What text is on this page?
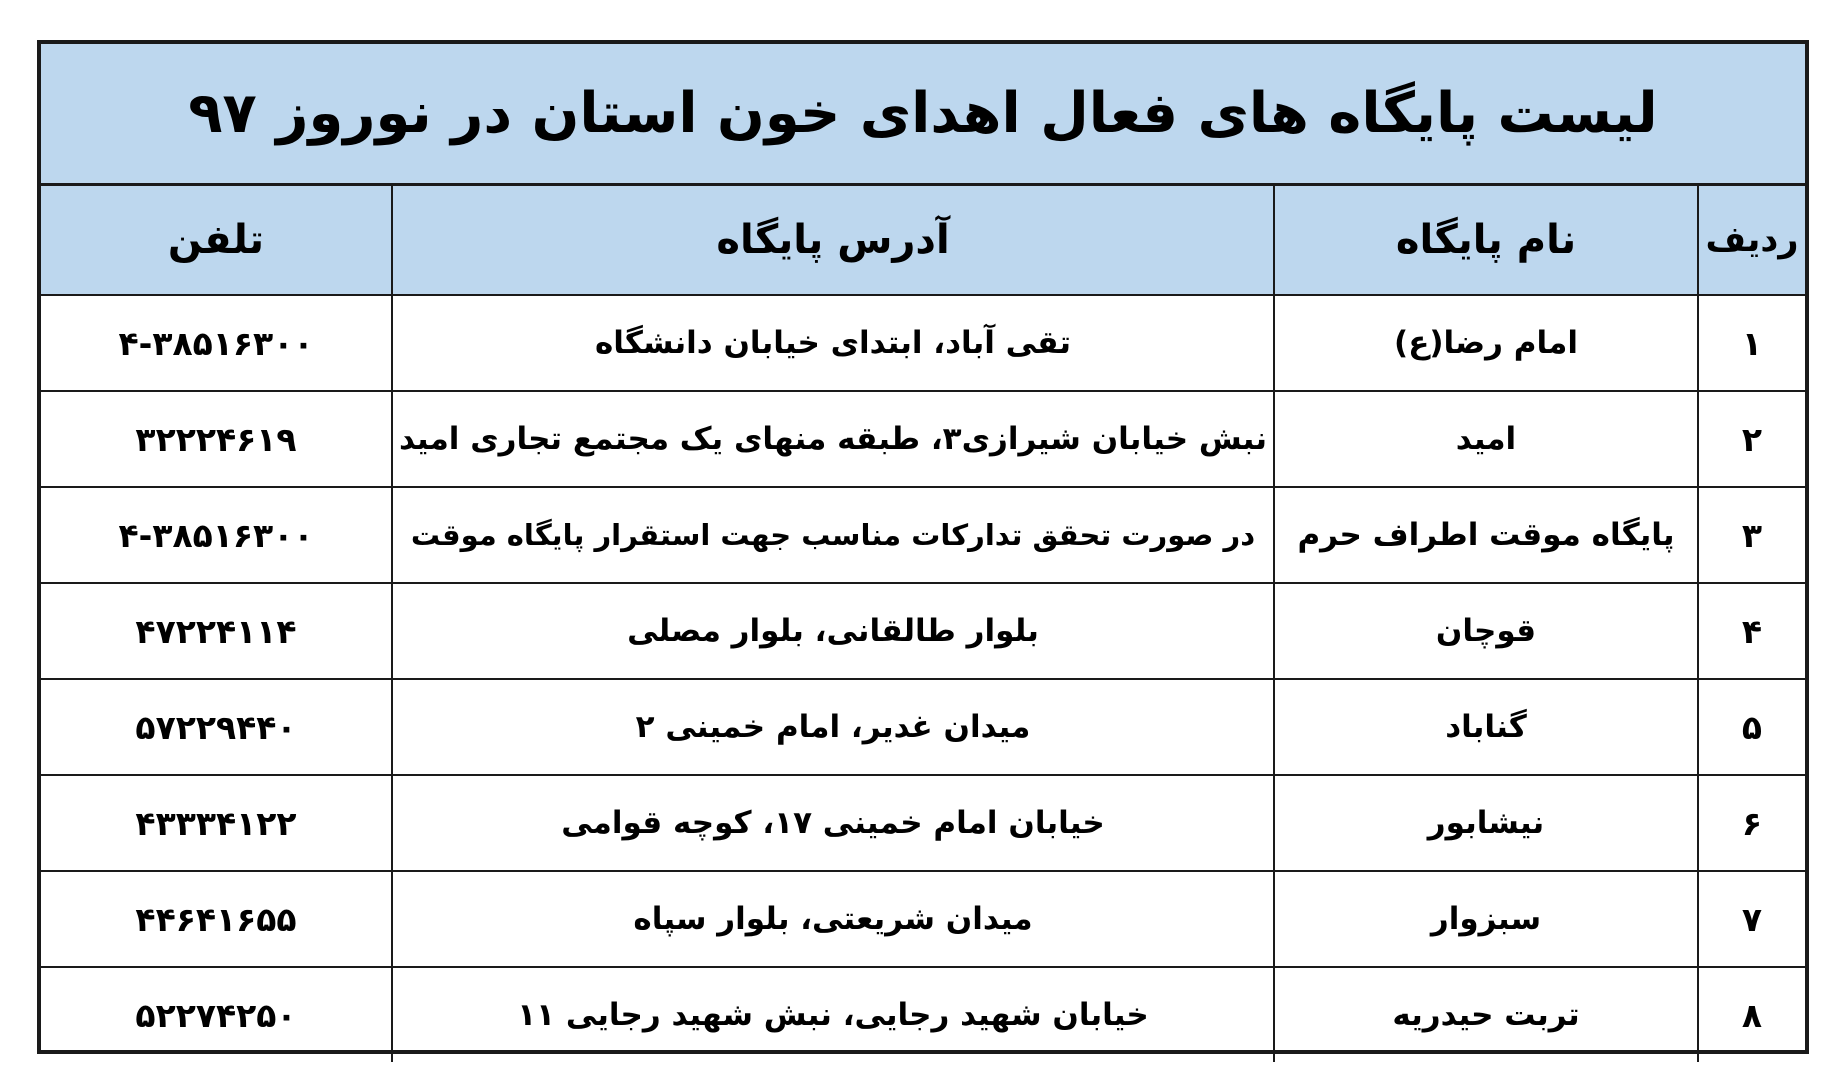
لیست پایگاه های فعال اهدای خون استان در نوروز ۹۷
ردیف	نام پایگاه	آدرس پایگاه	تلفن
۱	امام رضا(ع)	تقی آباد، ابتدای خیابان دانشگاه	۴-۳۸۵۱۶۳۰۰
۲	امید	نبش خیابان شیرازی۳، طبقه منهای یک مجتمع تجاری امید	۳۲۲۲۴۶۱۹
۳	پایگاه موقت اطراف حرم	در صورت تحقق تدارکات مناسب جهت استقرار پایگاه موقت	۴-۳۸۵۱۶۳۰۰
۴	قوچان	بلوار طالقانی، بلوار مصلی	۴۷۲۲۴۱۱۴
۵	گناباد	میدان غدیر، امام خمینی ۲	۵۷۲۲۹۴۴۰
۶	نیشابور	خیابان امام خمینی ۱۷، کوچه قوامی	۴۳۳۳۴۱۲۲
۷	سبزوار	میدان شریعتی، بلوار سپاه	۴۴۶۴۱۶۵۵
۸	تربت حیدریه	خیابان شهید رجایی، نبش شهید رجایی ۱۱	۵۲۲۷۴۲۵۰
